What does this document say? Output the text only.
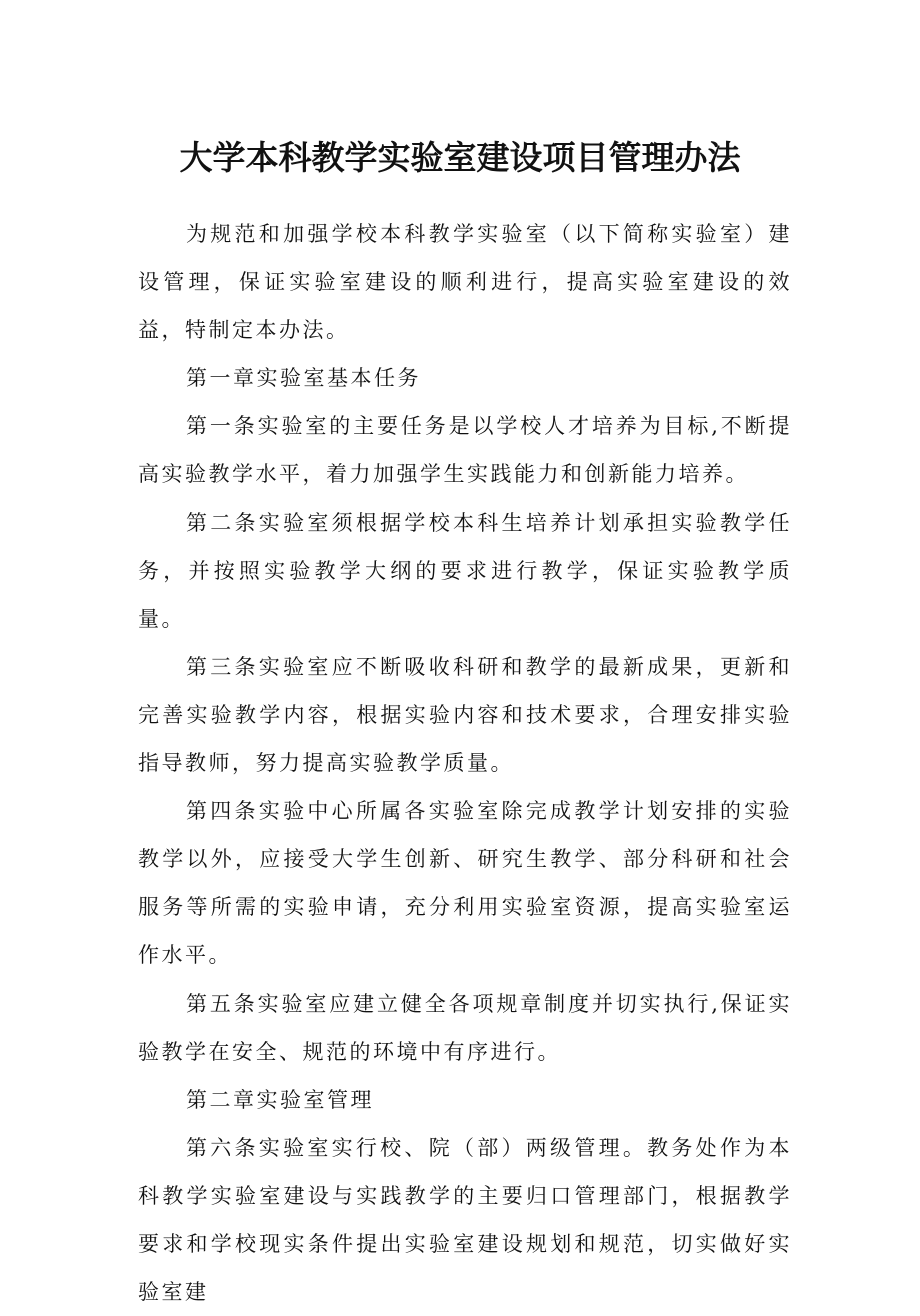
大学本科教学实验室建设项目管理办法

为规范和加强学校本科教学实验室（以下简称实验室）建设管理，保证实验室建设的顺利进行，提高实验室建设的效益，特制定本办法。

第一章实验室基本任务

第一条实验室的主要任务是以学校人才培养为目标,不断提高实验教学水平，着力加强学生实践能力和创新能力培养。

第二条实验室须根据学校本科生培养计划承担实验教学任务，并按照实验教学大纲的要求进行教学，保证实验教学质量。

第三条实验室应不断吸收科研和教学的最新成果，更新和完善实验教学内容，根据实验内容和技术要求，合理安排实验指导教师，努力提高实验教学质量。

第四条实验中心所属各实验室除完成教学计划安排的实验教学以外，应接受大学生创新、研究生教学、部分科研和社会服务等所需的实验申请，充分利用实验室资源，提高实验室运作水平。

第五条实验室应建立健全各项规章制度并切实执行,保证实验教学在安全、规范的环境中有序进行。

第二章实验室管理

第六条实验室实行校、院（部）两级管理。教务处作为本科教学实验室建设与实践教学的主要归口管理部门，根据教学要求和学校现实条件提出实验室建设规划和规范，切实做好实验室建
